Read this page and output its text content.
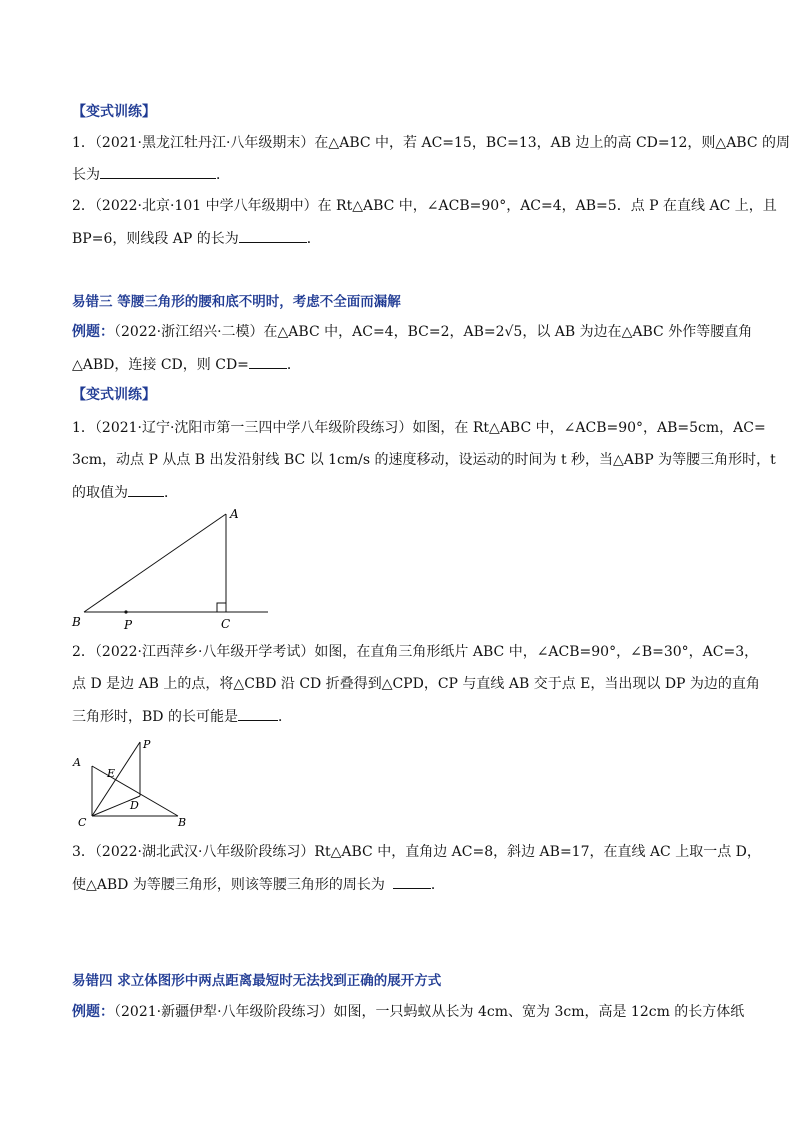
【变式训练】
1．（2021·黑龙江牡丹江·八年级期末）在△ABC 中，若 AC=15，BC=13，AB 边上的高 CD=12，则△ABC 的周
长为	．
2．（2022·北京·101 中学八年级期中）在 Rt△ABC 中，∠ACB=90°，AC=4，AB=5．点 P 在直线 AC 上，且
BP=6，则线段 AP 的长为	．
易错三 等腰三角形的腰和底不明时，考虑不全面而漏解
例题：（2022·浙江绍兴·二模）在△ABC 中，AC=4，BC=2，AB=2√5，以 AB 为边在△ABC 外作等腰直角
△ABD，连接 CD，则 CD=	．
【变式训练】
1．（2021·辽宁·沈阳市第一三四中学八年级阶段练习）如图，在 Rt△ABC 中，∠ACB=90°，AB=5cm，AC=
3cm，动点 P 从点 B 出发沿射线 BC 以 1cm/s 的速度移动，设运动的时间为 t 秒，当△ABP 为等腰三角形时，t
的取值为	．
A
B	C
P
2．（2022·江西萍乡·八年级开学考试）如图，在直角三角形纸片 ABC 中，∠ACB=90°，∠B=30°，AC=3，
点 D 是边 AB 上的点，将△CBD 沿 CD 折叠得到△CPD，CP 与直线 AB 交于点 E，当出现以 DP 为边的直角
三角形时，BD 的长可能是	．
A
E
P
D
C	B
3．（2022·湖北武汉·八年级阶段练习）Rt△ABC 中，直角边 AC=8，斜边 AB=17，在直线 AC 上取一点 D，
使△ABD 为等腰三角形，则该等腰三角形的周长为	．
易错四 求立体图形中两点距离最短时无法找到正确的展开方式
例题：（2021·新疆伊犁·八年级阶段练习）如图，一只蚂蚁从长为 4cm、宽为 3cm，高是 12cm 的长方体纸
